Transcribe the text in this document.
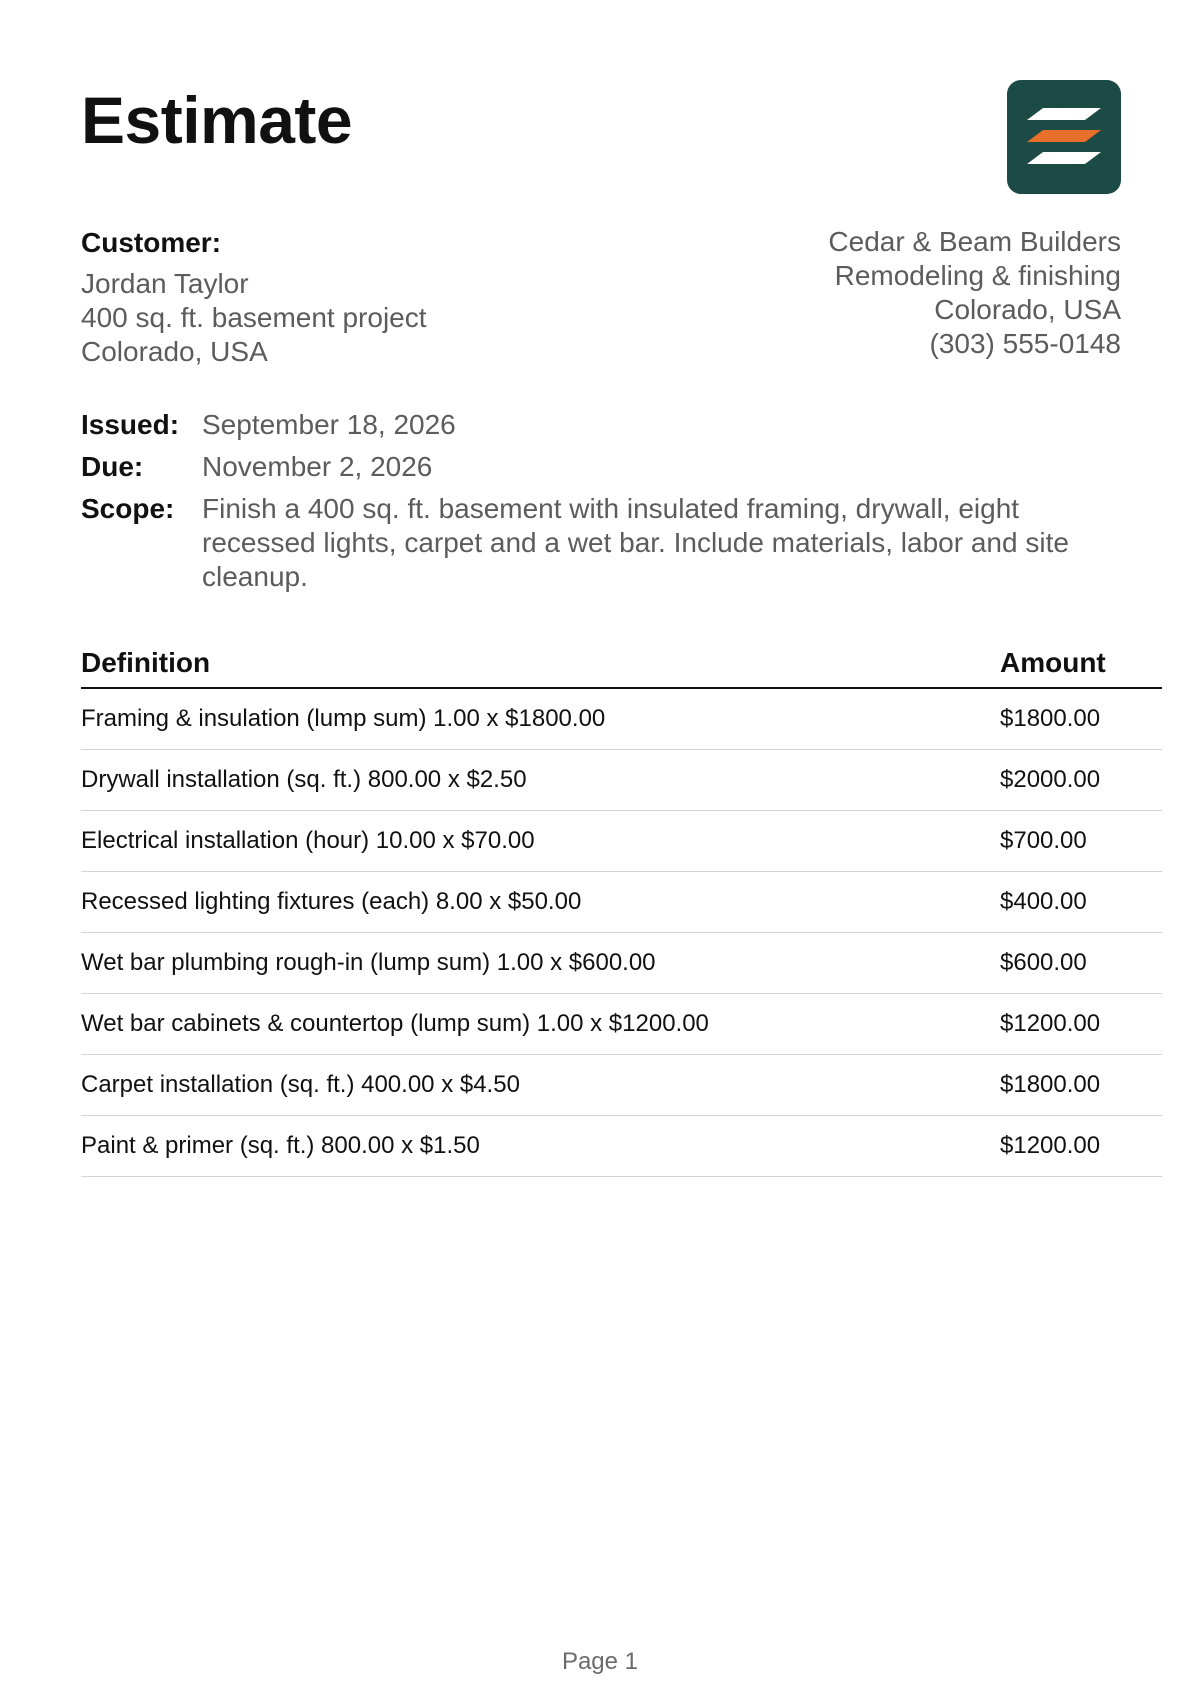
Estimate
Customer:
Jordan Taylor
400 sq. ft. basement project
Colorado, USA
Cedar & Beam Builders
Remodeling & finishing
Colorado, USA
(303) 555-0148
Issued: September 18, 2026
Due:	November 2, 2026
Scope: Finish a 400 sq. ft. basement with insulated framing, drywall, eight recessed lights, carpet and a wet bar. Include materials, labor and site cleanup.
Definition	Amount
Framing & insulation (lump sum) 1.00 x $1800.00	$1800.00
Drywall installation (sq. ft.) 800.00 x $2.50	$2000.00
Electrical installation (hour) 10.00 x $70.00	$700.00
Recessed lighting fixtures (each) 8.00 x $50.00	$400.00
Wet bar plumbing rough-in (lump sum) 1.00 x $600.00	$600.00
Wet bar cabinets & countertop (lump sum) 1.00 x $1200.00	$1200.00
Carpet installation (sq. ft.) 400.00 x $4.50	$1800.00
Paint & primer (sq. ft.) 800.00 x $1.50	$1200.00
Page 1
